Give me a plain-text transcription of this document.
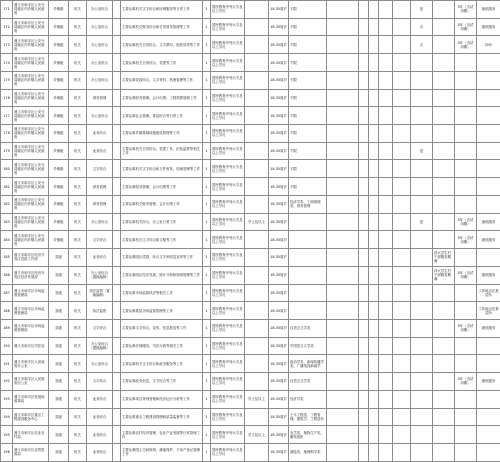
171	遵义市和平区公安分局辖区内乡镇人民政府	乡镇级	机关	办公室综合		主要从事机关文字综合和协调服务等日常工作	1	国民教育序列大专及以上学历		18-35周岁	不限						是		5年（含试用期）	最低服务
172	遵义市和平区公安分局辖区内乡镇人民政府	乡镇级	机关	办公室综合		主要从事机关财务综合和日常财务管理等工作	1	国民教育序列大专及以上学历		18-35周岁	不限						否		5年（含试用期）	最低服务
173	遵义市和平区公安分局辖区内乡镇人民政府	乡镇级	机关	办公室综合		主要从事机关日常综合、文字撰写、组织宣传等工作	1	国民教育序列大专及以上学历		18-35周岁	不限						否		5年（含试用期）	20年
174	遵义市和平区公安分局辖区内乡镇人民政府	乡镇级	机关	办公室综合		主要从事机关日常综合、党建等工作	1	国民教育序列大专及以上学历		18-35周岁	不限									
175	遵义市和平区公安分局辖区内乡镇人民政府	乡镇级	机关	办公室综合		主要从事党政综合、文字材料、档案管理等工作	1	国民教育序列大专及以上学历		18-35周岁	不限									
176	遵义市和平区公安分局辖区内乡镇人民政府	乡镇级	机关	财务管理		主要从事财务管理、会计出纳、工程预算管理工作	1	国民教育序列大专及以上学历		18-35周岁	不限									
177	遵义市和平区公安分局辖区内乡镇人民政府	乡镇级	机关	办公室综合		主要从事社会管理、基层综合等日常工作	1	国民教育序列大专及以上学历		18-35周岁	不限									
178	遵义市和平区公安分局辖区内乡镇人民政府	乡镇级	机关	业务综合		主要从事乡镇基础设施建设管理等工作	1	国民教育序列大专及以上学历		18-35周岁	不限									
179	遵义市和平区公安分局辖区内乡镇人民政府	乡镇级	机关	业务综合		主要从事机关日常综合、党建工作、纪检监察等相关工作	1	国民教育序列大专及以上学历		18-35周岁	不限						是			
180	遵义市和平区公安分局辖区内乡镇人民政府	乡镇级	机关	文字综合		主要从事机关文字综合和文件收发、档案管理等工作	1	国民教育序列大专及以上学历		18-35周岁	不限									
181	遵义市和平区公安分局辖区内乡镇人民政府	乡镇级	机关	财务管理		主要从事财务管理、会计出纳等工作	1	国民教育序列大专及以上学历		18-35周岁	不限									
182	遵义市和平区公安分局辖区内乡镇人民政府	乡镇级	机关	财务管理		主要从事机关财务管理、会计出纳工作	1	国民教育序列大专及以上学历		18-35周岁	经济学类、工商管理类、财务管理									
183	遵义市和平区公安分局辖区内乡镇人民政府	乡镇级	机关	办公室综合		主要从事机关综合、办公室日常工作	1	国民教育序列大专及以上学历	学士及以上	18-35周岁							是		5年（含试用期）	最低服务
184	遵义市和平区公安分局辖区内乡镇人民政府	乡镇级	机关	文字综合		主要从事机关文字综合和文秘等工作	1	国民教育序列大专及以上学历		18-35周岁									5年（含试用期）	最低服务
185	遵义市和平区经济开发区党群工作部	县级	机关	业务综合		主要从事园区党群、综合文字和信息宣传等工作	1	国民教育序列大专及以上学历		18-35周岁								持大学生村干部服务期满		
186	遵义市和平区经济开发区经济发展部	县级	机关	办公室综合（置换编制）		主要从事园区经济发展、统计分析和规划管理等工作	1	国民教育序列大专及以上学历		18-35周岁								持大学生村干部服务期满	5年（含试用期）	最低服务
187	遵义市和平区市场监督管理局	县级	机关	执法监察（置换编制）		主要从事市场监督执法等相关工作	1	国民教育序列大专及以上学历		18-35周岁										工作地点在基层所
188	遵义市和平区市场监督管理局	县级	机关	执法监察		主要从事基层市场监督管理等工作	1	国民教育序列大专及以上学历		18-35周岁										工作地点在基层所
189	遵义市和平区市场监督管理局	县级	机关	文字综合		主要从事文字综合、宣传、信息报送等工作	1	国民教育序列大专及以上学历		18-35周岁	汉语言文学类								5年（含试用期）	最低服务
190	遵义市和平区司法局	县级	机关	办公室综合（置换编制）		主要从事法律服务、司法行政等相关工作	1	国民教育序列大专及以上学历		18-35周岁	中国语言文学类									
191	遵义市和平区人民政府办公室	县级	机关	办公室综合		主要从事机关文字综合和政务服务等工作	1	国民教育序列大专及以上学历		18-35周岁	政治学类、新闻传播学类、广播电视新闻学									
192	遵义市和平区人民政府办公室	县级	机关	文字综合		主要从事政务信息、文字综合等工作	1	国民教育序列大专及以上学历		18-35周岁	汉语言文学类								5年（含试用期）	最低服务
193	遵义市和平区发展和改革局	县级	机关	业务综合		主要从事项目规划管理和经济运行分析等工作	1	国民教育序列大专及以上学历	学士及以上	18-35周岁	经济学类									
194	遵义市和平区重点工程建设服务中心	县级	机关	业务综合		主要从事重点工程建设管理和质量监督等工作	1	国民教育序列大专及以上学历		18-35周岁	土木工程类、工程管理、建筑学、工程造价									
195	遵义市和平区农业农村局	县级	机关	业务综合		主要从事农村经济管理、农业产业发展等日常管理工作	1	国民教育序列大专及以上学历	学士及以上	18-35周岁	农学类、植物生产类、畜牧兽医									
196	遵义市和平区自然资源局	县级	机关	业务综合		主要从事国土空间规划、耕地保护、不动产登记管理工作	1	国民教育序列大专及以上学历		18-35周岁	测绘类、地理科学类									
